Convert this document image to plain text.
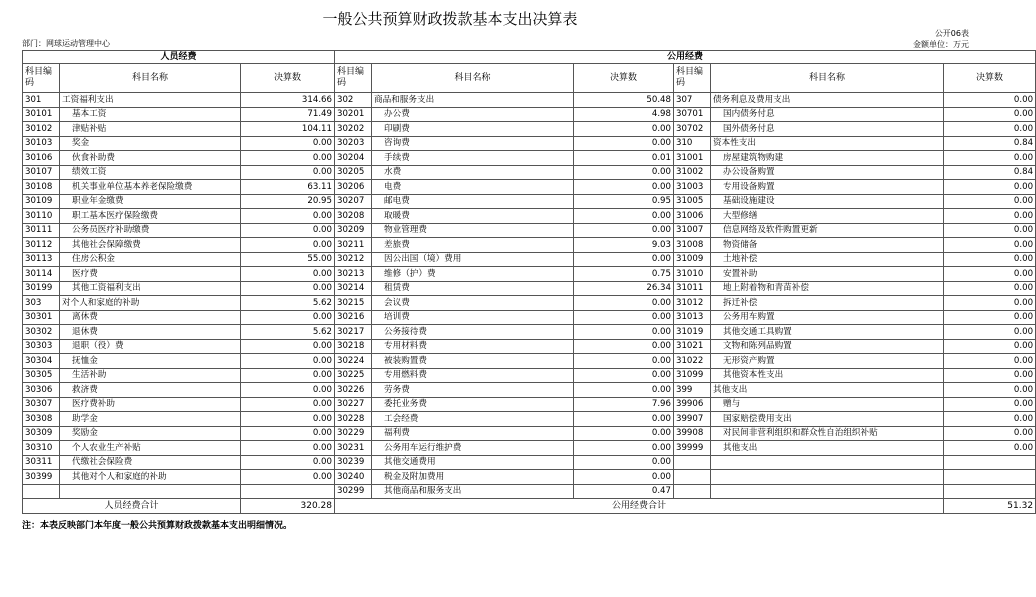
一般公共预算财政拨款基本支出决算表
公开06表
部门：网球运动管理中心	金额单位：万元
人员经费			公用经费					
科目编码	科目名称	决算数	科目编码	科目名称	决算数	科目编码	科目名称	决算数
301	工资福利支出	314.66	302	商品和服务支出	50.48	307	债务利息及费用支出	0.00
30101	基本工资	71.49	30201	办公费	4.98	30701	国内债务付息	0.00
30102	津贴补贴	104.11	30202	印刷费	0.00	30702	国外债务付息	0.00
30103	奖金	0.00	30203	咨询费	0.00	310	资本性支出	0.84
30106	伙食补助费	0.00	30204	手续费	0.01	31001	房屋建筑物购建	0.00
30107	绩效工资	0.00	30205	水费	0.00	31002	办公设备购置	0.84
30108	机关事业单位基本养老保险缴费	63.11	30206	电费	0.00	31003	专用设备购置	0.00
30109	职业年金缴费	20.95	30207	邮电费	0.95	31005	基础设施建设	0.00
30110	职工基本医疗保险缴费	0.00	30208	取暖费	0.00	31006	大型修缮	0.00
30111	公务员医疗补助缴费	0.00	30209	物业管理费	0.00	31007	信息网络及软件购置更新	0.00
30112	其他社会保障缴费	0.00	30211	差旅费	9.03	31008	物资储备	0.00
30113	住房公积金	55.00	30212	因公出国（境）费用	0.00	31009	土地补偿	0.00
30114	医疗费	0.00	30213	维修（护）费	0.75	31010	安置补助	0.00
30199	其他工资福利支出	0.00	30214	租赁费	26.34	31011	地上附着物和青苗补偿	0.00
303	对个人和家庭的补助	5.62	30215	会议费	0.00	31012	拆迁补偿	0.00
30301	离休费	0.00	30216	培训费	0.00	31013	公务用车购置	0.00
30302	退休费	5.62	30217	公务接待费	0.00	31019	其他交通工具购置	0.00
30303	退职（役）费	0.00	30218	专用材料费	0.00	31021	文物和陈列品购置	0.00
30304	抚恤金	0.00	30224	被装购置费	0.00	31022	无形资产购置	0.00
30305	生活补助	0.00	30225	专用燃料费	0.00	31099	其他资本性支出	0.00
30306	救济费	0.00	30226	劳务费	0.00	399	其他支出	0.00
30307	医疗费补助	0.00	30227	委托业务费	7.96	39906	赠与	0.00
30308	助学金	0.00	30228	工会经费	0.00	39907	国家赔偿费用支出	0.00
30309	奖励金	0.00	30229	福利费	0.00	39908	对民间非营利组织和群众性自治组织补贴	0.00
30310	个人农业生产补贴	0.00	30231	公务用车运行维护费	0.00	39999	其他支出	0.00
30311	代缴社会保险费	0.00	30239	其他交通费用	0.00			
30399	其他对个人和家庭的补助	0.00	30240	税金及附加费用	0.00			
			30299	其他商品和服务支出	0.47			
人员经费合计		320.28	公用经费合计					51.32
注：本表反映部门本年度一般公共预算财政拨款基本支出明细情况。
